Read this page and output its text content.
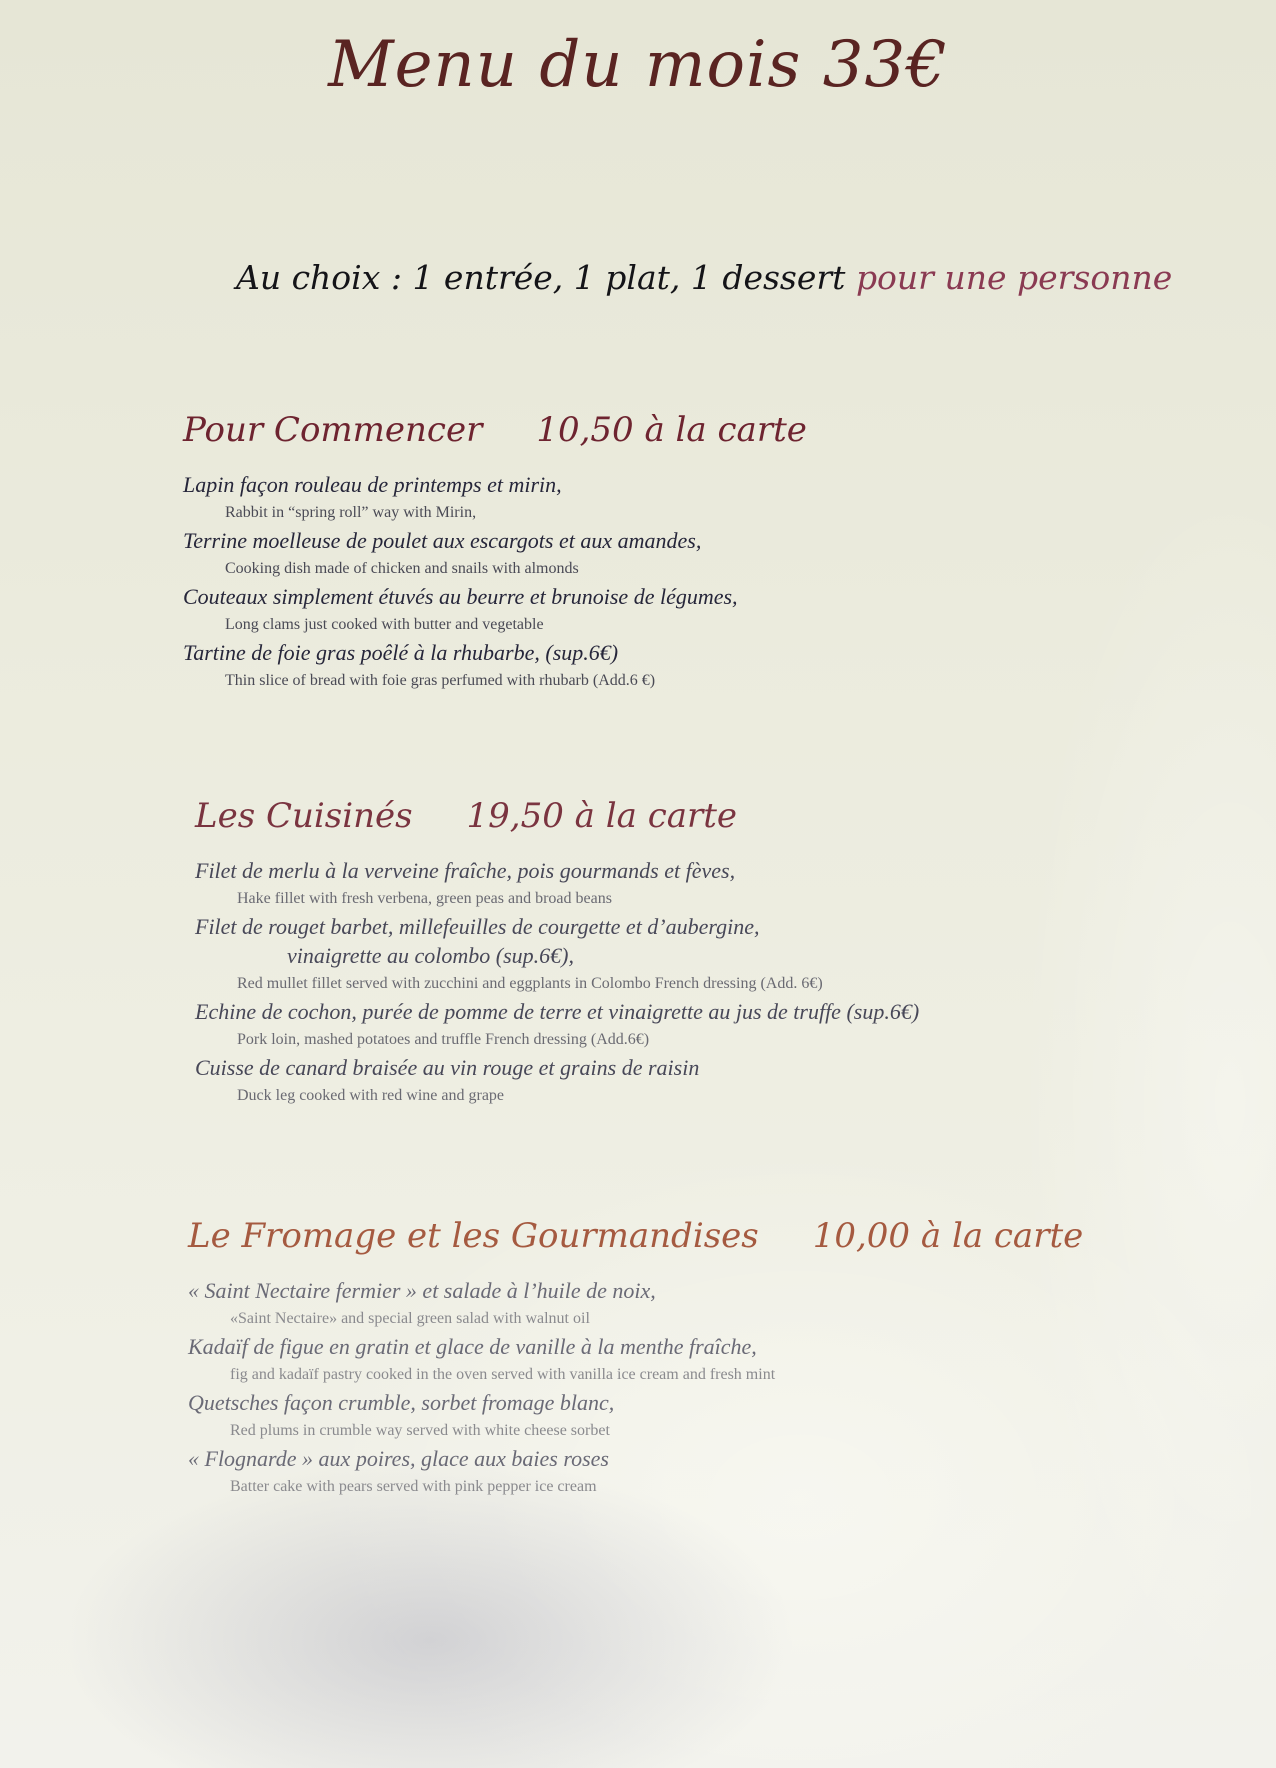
Menu du mois 33€
Au choix : 1 entrée, 1 plat, 1 dessert pour une personne
Pour Commencer 10,50 à la carte
Lapin façon rouleau de printemps et mirin,
Rabbit in “spring roll” way with Mirin,
Terrine moelleuse de poulet aux escargots et aux amandes,
Cooking dish made of chicken and snails with almonds
Couteaux simplement étuvés au beurre et brunoise de légumes,
Long clams just cooked with butter and vegetable
Tartine de foie gras poêlé à la rhubarbe, (sup.6€)
Thin slice of bread with foie gras perfumed with rhubarb (Add.6 €)
Les Cuisinés 19,50 à la carte
Filet de merlu à la verveine fraîche, pois gourmands et fèves,
Hake fillet with fresh verbena, green peas and broad beans
Filet de rouget barbet, millefeuilles de courgette et d’aubergine,
vinaigrette au colombo (sup.6€),
Red mullet fillet served with zucchini and eggplants in Colombo French dressing (Add. 6€)
Echine de cochon, purée de pomme de terre et vinaigrette au jus de truffe (sup.6€)
Pork loin, mashed potatoes and truffle French dressing (Add.6€)
Cuisse de canard braisée au vin rouge et grains de raisin
Duck leg cooked with red wine and grape
Le Fromage et les Gourmandises 10,00 à la carte
« Saint Nectaire fermier » et salade à l’huile de noix,
«Saint Nectaire» and special green salad with walnut oil
Kadaïf de figue en gratin et glace de vanille à la menthe fraîche,
fig and kadaïf pastry cooked in the oven served with vanilla ice cream and fresh mint
Quetsches façon crumble, sorbet fromage blanc,
Red plums in crumble way served with white cheese sorbet
« Flognarde » aux poires, glace aux baies roses
Batter cake with pears served with pink pepper ice cream
